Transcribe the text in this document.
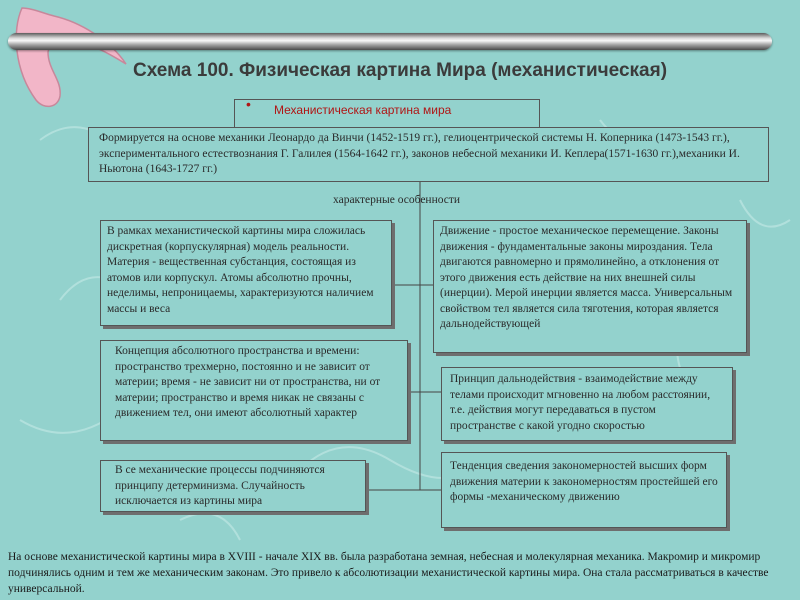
Схема 100. Физическая картина Мира (механистическая)
• Механистическая картина мира
Формируется на основе механики Леонардо да Винчи (1452-1519 гг.), гелиоцентрической системы Н. Коперника (1473-1543 гг.), экспериментального естествознания Г. Галилея (1564-1642 гг.), законов небесной механики И. Кеплера(1571-1630 гг.),механики И. Ньютона (1643-1727 гг.)
характерные особенности
В рамках механистической картины мира сложилась дискретная (корпускулярная) модель реальности. Материя - вещественная субстанция, состоящая из атомов или корпускул. Атомы абсолютно прочны, неделимы, непроницаемы, характеризуются наличием массы и веса
Концепция абсолютного пространства и времени: пространство трехмерно, постоянно и не зависит от материи; время - не зависит ни от пространства, ни от материи; пространство и время никак не связаны с движением тел, они имеют абсолютный характер
В се механические процессы подчиняются принципу детерминизма. Случайность исключается из картины мира
Движение - простое механическое перемещение. Законы движения - фундаментальные законы мироздания. Тела двигаются равномерно и прямолинейно, а отклонения от этого движения есть действие на них внешней силы (инерции). Мерой инерции является масса. Универсальным свойством тел является сила тяготения, которая является дальнодействующей
Принцип дальнодействия - взаимодействие между телами происходит мгновенно на любом расстоянии, т.е. действия могут передаваться в пустом пространстве с какой угодно скоростью
Тенденция сведения закономерностей высших форм движения материи к закономерностям простейшей его формы -механическому движению
На основе механистической картины мира в XVIII - начале XIX вв. была разработана земная, небесная и молекулярная механика. Макромир и микромир подчинялись одним и тем же механическим законам. Это привело к абсолютизации механистической картины мира. Она стала рассматриваться в качестве универсальной.
